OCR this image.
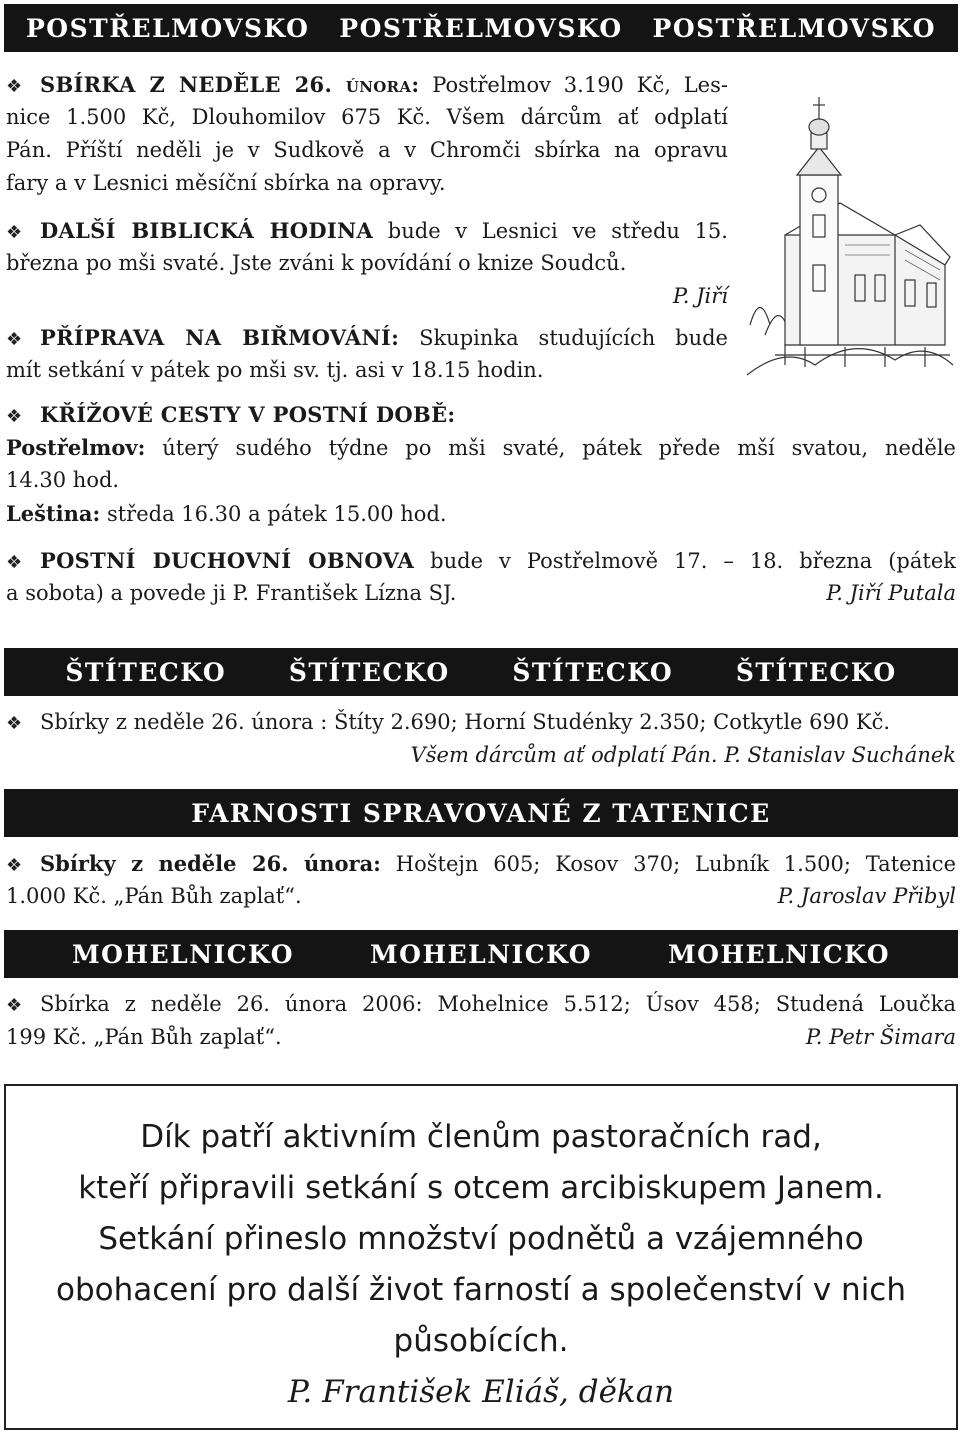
POSTŘELMOVSKO POSTŘELMOVSKO POSTŘELMOVSKO
❖ SBÍRKA Z NEDĚLE 26. února: Postřelmov 3.190 Kč, Les-
nice 1.500 Kč, Dlouhomilov 675 Kč. Všem dárcům ať odplatí
Pán. Příští neděli je v Sudkově a v Chromči sbírka na opravu
fary a v Lesnici měsíční sbírka na opravy.
❖ DALŠÍ BIBLICKÁ HODINA bude v Lesnici ve středu 15.
března po mši svaté. Jste zváni k povídání o knize Soudců.
P. Jiří
❖ PŘÍPRAVA NA BIŘMOVÁNÍ: Skupinka studujících bude
mít setkání v pátek po mši sv. tj. asi v 18.15 hodin.
❖ KŘÍŽOVÉ CESTY V POSTNÍ DOBĚ:
Postřelmov: úterý sudého týdne po mši svaté, pátek přede mší svatou, neděle
14.30 hod.
Leština: středa 16.30 a pátek 15.00 hod.
❖ POSTNÍ DUCHOVNÍ OBNOVA bude v Postřelmově 17. – 18. března (pátek
a sobota) a povede ji P. František Lízna SJ.	P. Jiří Putala
ŠTÍTECKO	ŠTÍTECKO	ŠTÍTECKO	ŠTÍTECKO
❖ Sbírky z neděle 26. února : Štíty 2.690; Horní Studénky 2.350; Cotkytle 690 Kč.
Všem dárcům ať odplatí Pán. P. Stanislav Suchánek
FARNOSTI SPRAVOVANÉ Z TATENICE
❖ Sbírky z neděle 26. února: Hoštejn 605; Kosov 370; Lubník 1.500; Tatenice
1.000 Kč. „Pán Bůh zaplať“.	P. Jaroslav Přibyl
MOHELNICKO	MOHELNICKO	MOHELNICKO
❖ Sbírka z neděle 26. února 2006: Mohelnice 5.512; Úsov 458; Studená Loučka
199 Kč. „Pán Bůh zaplať“.	P. Petr Šimara
Dík patří aktivním členům pastoračních rad,
kteří připravili setkání s otcem arcibiskupem Janem.
Setkání přineslo množství podnětů a vzájemného
obohacení pro další život farností a společenství v nich
působících.
P. František Eliáš, děkan
